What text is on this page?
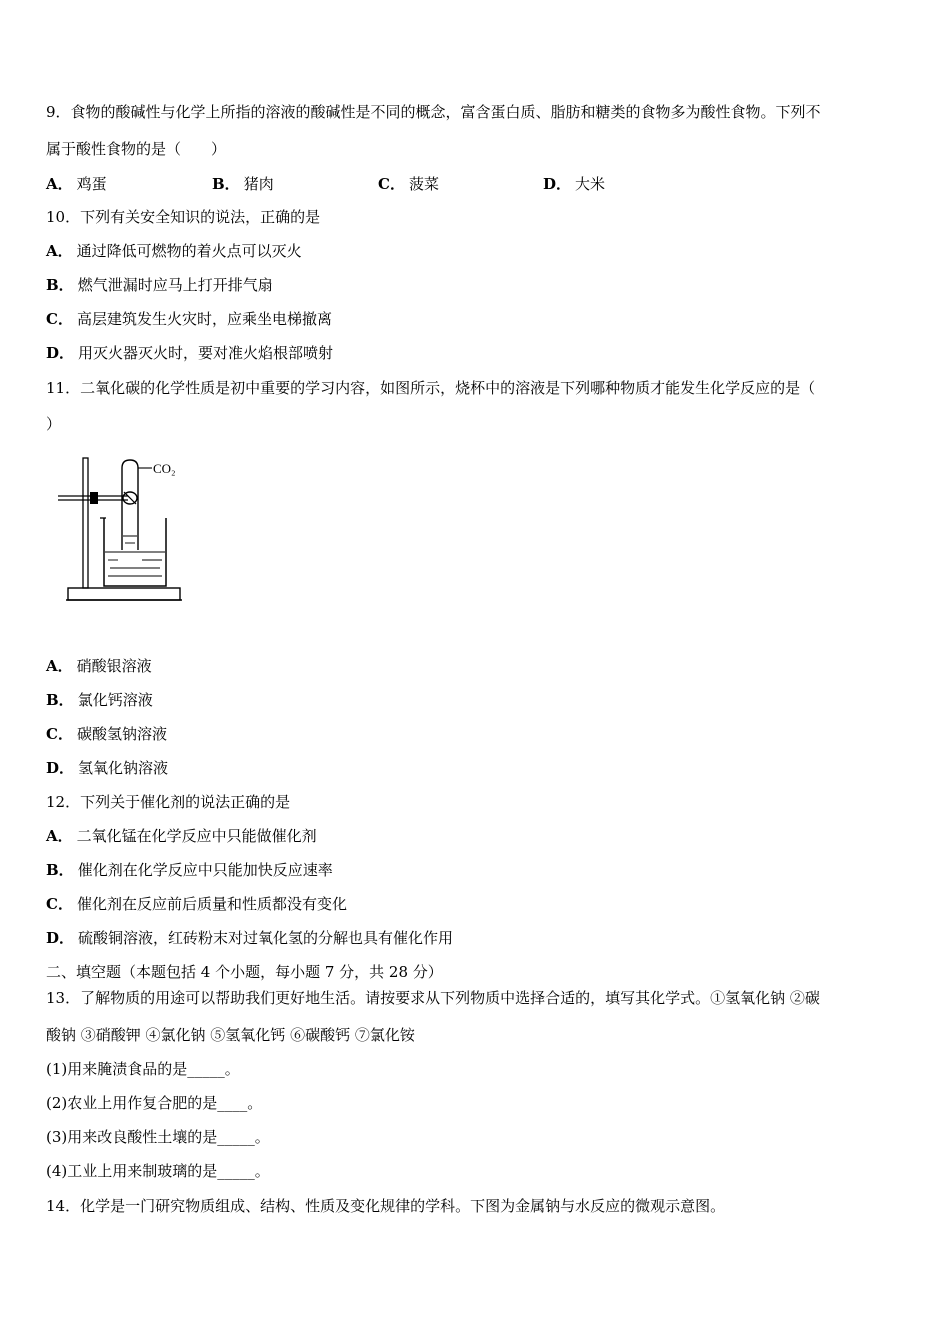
9．食物的酸碱性与化学上所指的溶液的酸碱性是不同的概念，富含蛋白质、脂肪和糖类的食物多为酸性食物。下列不
属于酸性食物的是（　　）
A． 鸡蛋	B． 猪肉	C． 菠菜	D． 大米
10．下列有关安全知识的说法，正确的是
A． 通过降低可燃物的着火点可以灭火
B． 燃气泄漏时应马上打开排气扇
C． 高层建筑发生火灾时，应乘坐电梯撤离
D． 用灭火器灭火时，要对准火焰根部喷射
11．二氧化碳的化学性质是初中重要的学习内容，如图所示，烧杯中的溶液是下列哪种物质才能发生化学反应的是（
）
CO₂
A． 硝酸银溶液
B． 氯化钙溶液
C． 碳酸氢钠溶液
D． 氢氧化钠溶液
12．下列关于催化剂的说法正确的是
A． 二氧化锰在化学反应中只能做催化剂
B． 催化剂在化学反应中只能加快反应速率
C． 催化剂在反应前后质量和性质都没有变化
D． 硫酸铜溶液，红砖粉末对过氧化氢的分解也具有催化作用
二、填空题（本题包括 4 个小题，每小题 7 分，共 28 分）
13．了解物质的用途可以帮助我们更好地生活。请按要求从下列物质中选择合适的，填写其化学式。①氢氧化钠 ②碳
酸钠 ③硝酸钾 ④氯化钠 ⑤氢氧化钙 ⑥碳酸钙 ⑦氯化铵
(1)用来腌渍食品的是_____。
(2)农业上用作复合肥的是____。
(3)用来改良酸性土壤的是_____。
(4)工业上用来制玻璃的是_____。
14．化学是一门研究物质组成、结构、性质及变化规律的学科。下图为金属钠与水反应的微观示意图。
